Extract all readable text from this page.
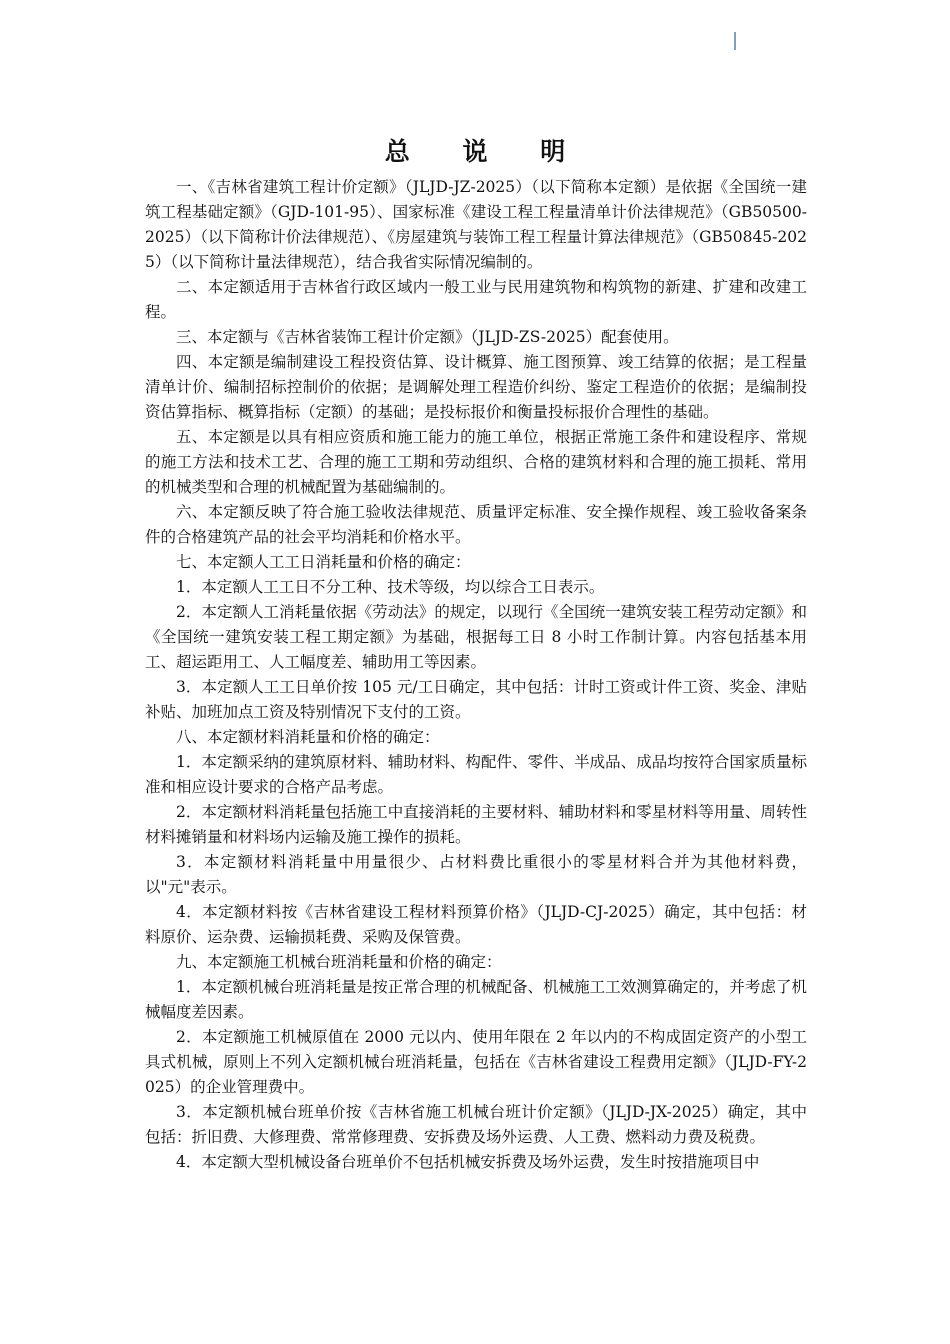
总 说 明

一、《吉林省建筑工程计价定额》（JLJD-JZ-2025）（以下简称本定额）是依据《全国统一建筑工程基础定额》（GJD-101-95）、国家标准《建设工程工程量清单计价法律规范》（GB50500-2025）（以下简称计价法律规范）、《房屋建筑与装饰工程工程量计算法律规范》（GB50845-2025）（以下简称计量法律规范），结合我省实际情况编制的。

二、本定额适用于吉林省行政区域内一般工业与民用建筑物和构筑物的新建、扩建和改建工程。

三、本定额与《吉林省装饰工程计价定额》（JLJD-ZS-2025）配套使用。

四、本定额是编制建设工程投资估算、设计概算、施工图预算、竣工结算的依据；是工程量清单计价、编制招标控制价的依据；是调解处理工程造价纠纷、鉴定工程造价的依据；是编制投资估算指标、概算指标（定额）的基础；是投标报价和衡量投标报价合理性的基础。

五、本定额是以具有相应资质和施工能力的施工单位，根据正常施工条件和建设程序、常规的施工方法和技术工艺、合理的施工工期和劳动组织、合格的建筑材料和合理的施工损耗、常用的机械类型和合理的机械配置为基础编制的。

六、本定额反映了符合施工验收法律规范、质量评定标准、安全操作规程、竣工验收备案条件的合格建筑产品的社会平均消耗和价格水平。

七、本定额人工工日消耗量和价格的确定：

1．本定额人工工日不分工种、技术等级，均以综合工日表示。

2．本定额人工消耗量依据《劳动法》的规定，以现行《全国统一建筑安装工程劳动定额》和《全国统一建筑安装工程工期定额》为基础，根据每工日 8 小时工作制计算。内容包括基本用工、超运距用工、人工幅度差、辅助用工等因素。

3．本定额人工工日单价按 105 元/工日确定，其中包括：计时工资或计件工资、奖金、津贴补贴、加班加点工资及特别情况下支付的工资。

八、本定额材料消耗量和价格的确定：

1．本定额采纳的建筑原材料、辅助材料、构配件、零件、半成品、成品均按符合国家质量标准和相应设计要求的合格产品考虑。

2．本定额材料消耗量包括施工中直接消耗的主要材料、辅助材料和零星材料等用量、周转性材料摊销量和材料场内运输及施工操作的损耗。

3．本定额材料消耗量中用量很少、占材料费比重很小的零星材料合并为其他材料费，以"元"表示。

4．本定额材料按《吉林省建设工程材料预算价格》（JLJD-CJ-2025）确定，其中包括：材料原价、运杂费、运输损耗费、采购及保管费。

九、本定额施工机械台班消耗量和价格的确定：

1．本定额机械台班消耗量是按正常合理的机械配备、机械施工工效测算确定的，并考虑了机械幅度差因素。

2．本定额施工机械原值在 2000 元以内、使用年限在 2 年以内的不构成固定资产的小型工具式机械，原则上不列入定额机械台班消耗量，包括在《吉林省建设工程费用定额》（JLJD-FY-2025）的企业管理费中。

3．本定额机械台班单价按《吉林省施工机械台班计价定额》（JLJD-JX-2025）确定，其中包括：折旧费、大修理费、常常修理费、安拆费及场外运费、人工费、燃料动力费及税费。

4．本定额大型机械设备台班单价不包括机械安拆费及场外运费，发生时按措施项目中
